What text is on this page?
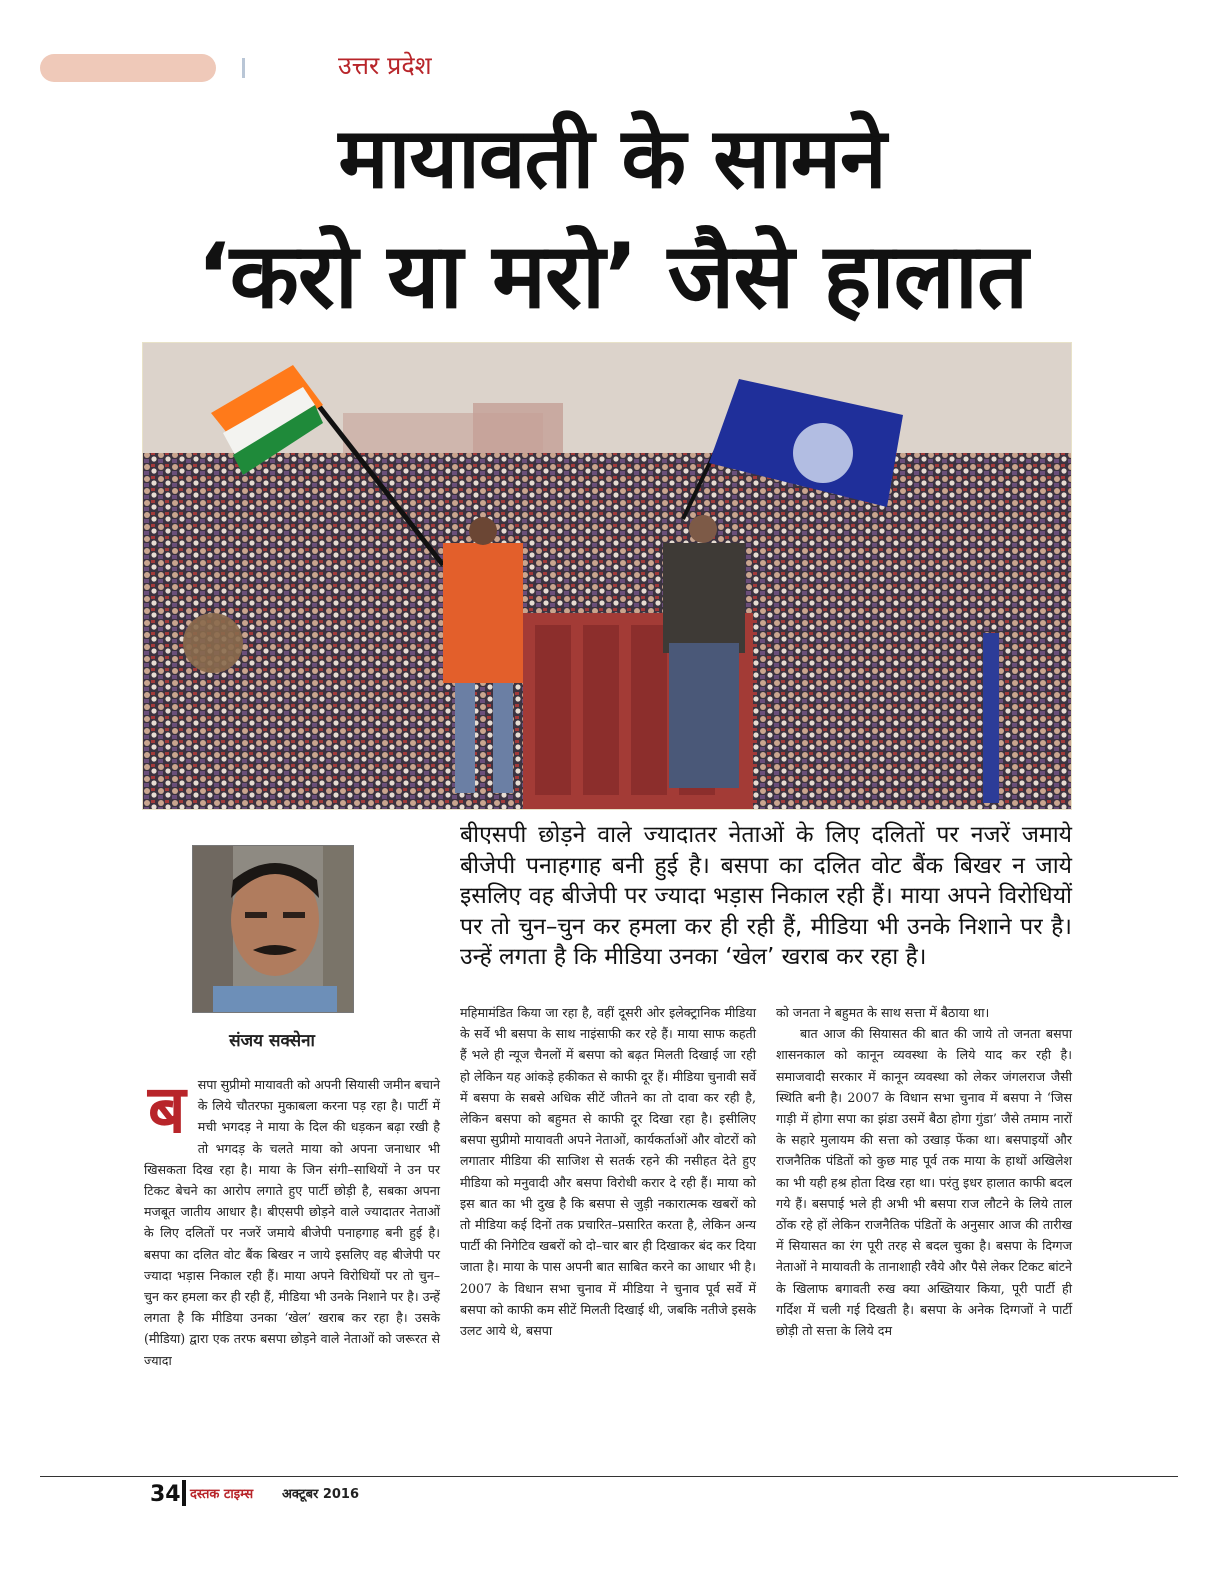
उत्तर प्रदेश
मायावती के सामने
‘करो या मरो’ जैसे हालात
बीएसपी छोड़ने वाले ज्यादातर नेताओं के लिए दलितों पर नजरें जमाये बीजेपी पनाहगाह बनी हुई है। बसपा का दलित वोट बैंक बिखर न जाये इसलिए वह बीजेपी पर ज्यादा भड़ास निकाल रही हैं। माया अपने विरोधियों पर तो चुन–चुन कर हमला कर ही रही हैं, मीडिया भी उनके निशाने पर है। उन्हें लगता है कि मीडिया उनका ‘खेल’ खराब कर रहा है।
संजय सक्सेना
ब सपा सुप्रीमो मायावती को अपनी सियासी जमीन बचाने के लिये चौतरफा मुकाबला करना पड़ रहा है। पार्टी में मची भगदड़ ने माया के दिल की धड़कन बढ़ा रखी है तो भगदड़ के चलते माया को अपना जनाधार भी खिसकता दिख रहा है। माया के जिन संगी–साथियों ने उन पर टिकट बेचने का आरोप लगाते हुए पार्टी छोड़ी है, सबका अपना मजबूत जातीय आधार है। बीएसपी छोड़ने वाले ज्यादातर नेताओं के लिए दलितों पर नजरें जमाये बीजेपी पनाहगाह बनी हुई है। बसपा का दलित वोट बैंक बिखर न जाये इसलिए वह बीजेपी पर ज्यादा भड़ास निकाल रही हैं। माया अपने विरोधियों पर तो चुन–चुन कर हमला कर ही रही हैं, मीडिया भी उनके निशाने पर है। उन्हें लगता है कि मीडिया उनका ‘खेल’ खराब कर रहा है। उसके (मीडिया) द्वारा एक तरफ बसपा छोड़ने वाले नेताओं को जरूरत से ज्यादा

महिमामंडित किया जा रहा है, वहीं दूसरी ओर इलेक्ट्रानिक मीडिया के सर्वे भी बसपा के साथ नाइंसाफी कर रहे हैं। माया साफ कहती हैं भले ही न्यूज चैनलों में बसपा को बढ़त मिलती दिखाई जा रही हो लेकिन यह आंकड़े हकीकत से काफी दूर हैं। मीडिया चुनावी सर्वे में बसपा के सबसे अधिक सीटें जीतने का तो दावा कर रही है, लेकिन बसपा को बहुमत से काफी दूर दिखा रहा है। इसीलिए बसपा सुप्रीमो मायावती अपने नेताओं, कार्यकर्ताओं और वोटरों को लगातार मीडिया की साजिश से सतर्क रहने की नसीहत देते हुए मीडिया को मनुवादी और बसपा विरोधी करार दे रही हैं। माया को इस बात का भी दुख है कि बसपा से जुड़ी नकारात्मक खबरों को तो मीडिया कई दिनों तक प्रचारित–प्रसारित करता है, लेकिन अन्य पार्टी की निगेटिव खबरों को दो–चार बार ही दिखाकर बंद कर दिया जाता है। माया के पास अपनी बात साबित करने का आधार भी है। 2007 के विधान सभा चुनाव में मीडिया ने चुनाव पूर्व सर्वे में बसपा को काफी कम सीटें मिलती दिखाई थी, जबकि नतीजे इसके उलट आये थे, बसपा

को जनता ने बहुमत के साथ सत्ता में बैठाया था।

बात आज की सियासत की बात की जाये तो जनता बसपा शासनकाल को कानून व्यवस्था के लिये याद कर रही है। समाजवादी सरकार में कानून व्यवस्था को लेकर जंगलराज जैसी स्थिति बनी है। 2007 के विधान सभा चुनाव में बसपा ने ‘जिस गाड़ी में होगा सपा का झंडा उसमें बैठा होगा गुंडा’ जैसे तमाम नारों के सहारे मुलायम की सत्ता को उखाड़ फेंका था। बसपाइयों और राजनैतिक पंडितों को कुछ माह पूर्व तक माया के हाथों अखिलेश का भी यही हश्र होता दिख रहा था। परंतु इधर हालात काफी बदल गये हैं। बसपाई भले ही अभी भी बसपा राज लौटने के लिये ताल ठोंक रहे हों लेकिन राजनैतिक पंडितों के अनुसार आज की तारीख में सियासत का रंग पूरी तरह से बदल चुका है। बसपा के दिग्गज नेताओं ने मायावती के तानाशाही रवैये और पैसे लेकर टिकट बांटने के खिलाफ बगावती रुख क्या अख्तियार किया, पूरी पार्टी ही गर्दिश में चली गई दिखती है। बसपा के अनेक दिग्गजों ने पार्टी छोड़ी तो सत्ता के लिये दम

34 दस्तक टाइम्स अक्टूबर 2016
